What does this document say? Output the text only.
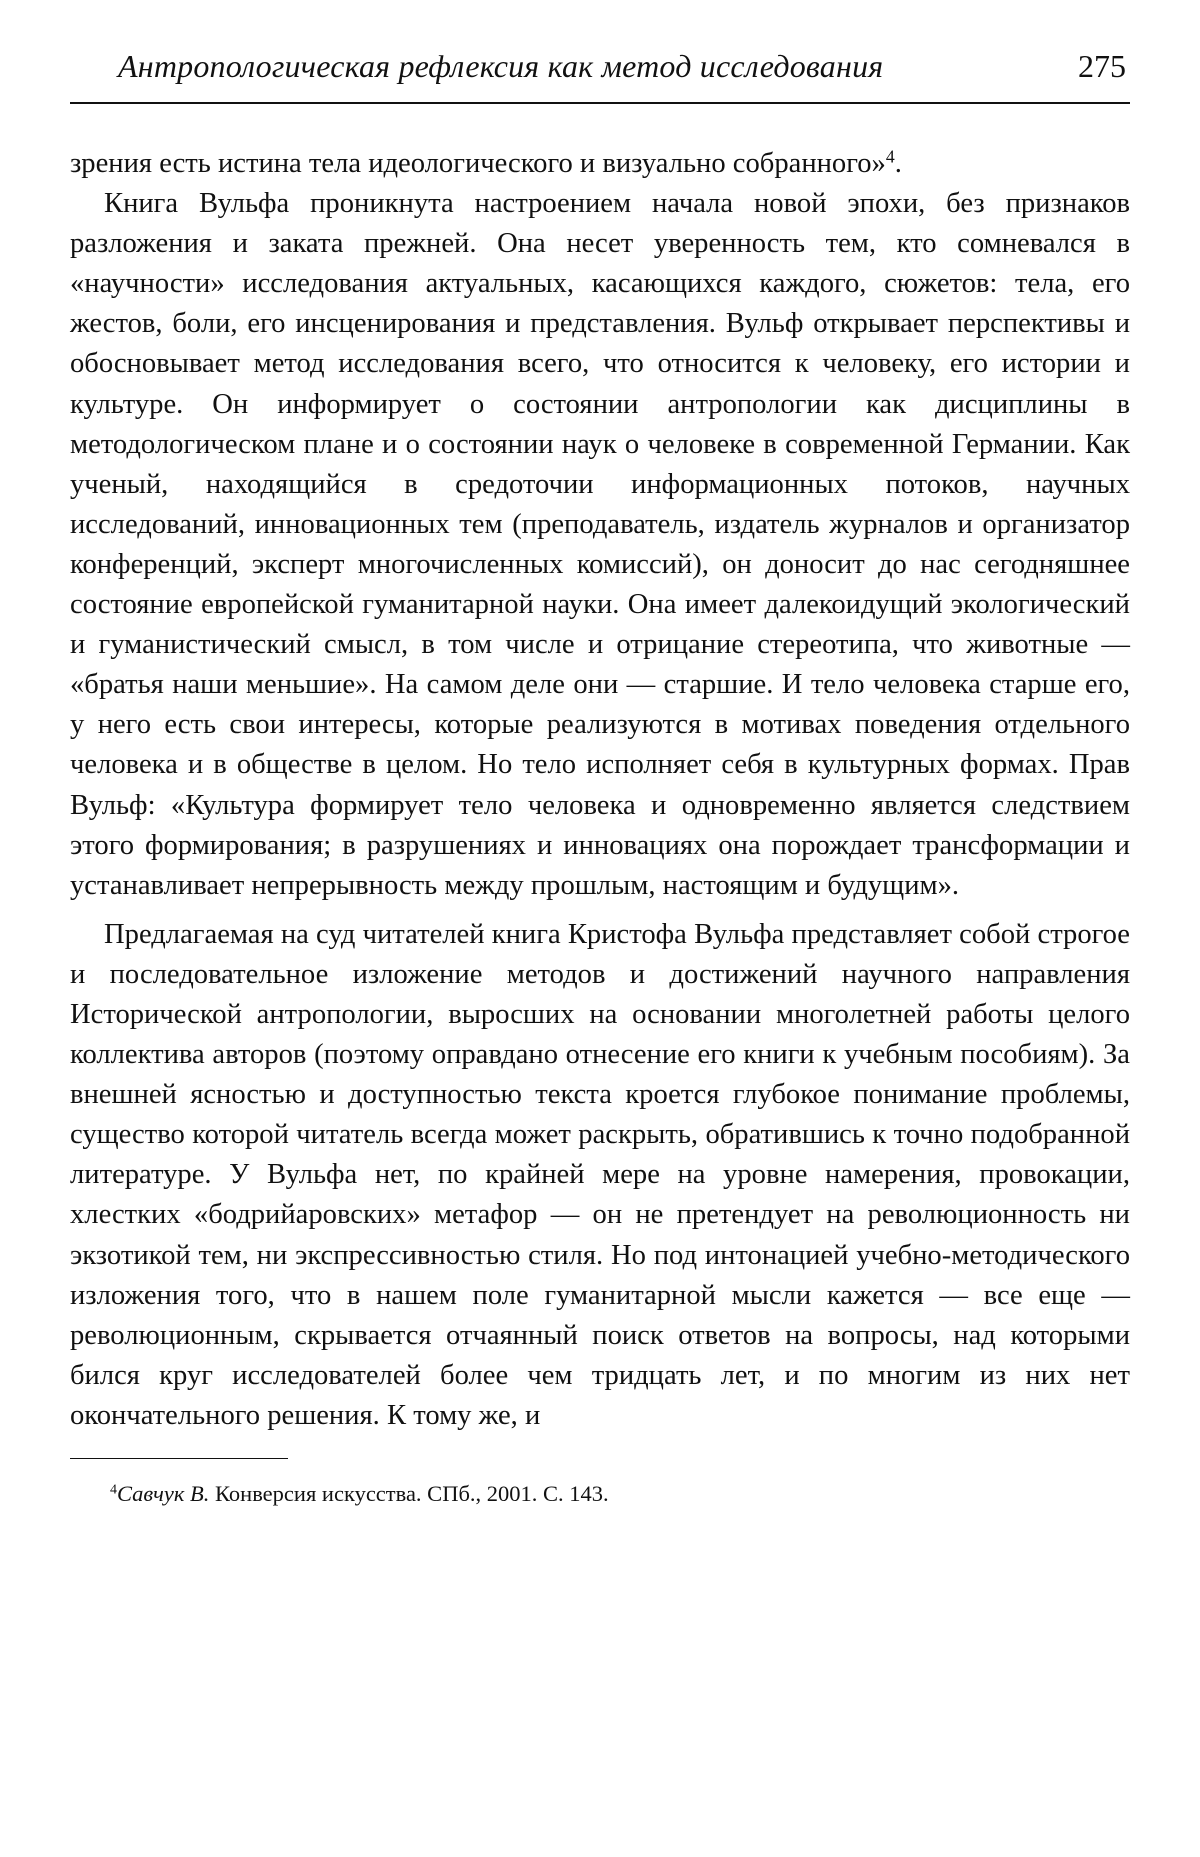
Антропологическая рефлексия как метод исследования	275

зрения есть истина тела идеологического и визуально собранного»$^4$.

Книга Вульфа проникнута настроением начала новой эпохи, без признаков разложения и заката прежней. Она несет уверенность тем, кто сомневался в «научности» исследования актуальных, касающихся каждого, сюжетов: тела, его жестов, боли, его инсценирования и представления. Вульф открывает перспективы и обосновывает метод исследования всего, что относится к человеку, его истории и культуре. Он информирует о состоянии антропологии как дисциплины в методологическом плане и о состоянии наук о человеке в современной Германии. Как ученый, находящийся в средоточии информационных потоков, научных исследований, инновационных тем (преподаватель, издатель журналов и организатор конференций, эксперт многочисленных комиссий), он доносит до нас сегодняшнее состояние европейской гуманитарной науки. Она имеет далекоидущий экологический и гуманистический смысл, в том числе и отрицание стереотипа, что животные — «братья наши меньшие». На самом деле они — старшие. И тело человека старше его, у него есть свои интересы, которые реализуются в мотивах поведения отдельного человека и в обществе в целом. Но тело исполняет себя в культурных формах. Прав Вульф: «Культура формирует тело человека и одновременно является следствием этого формирования; в разрушениях и инновациях она порождает трансформации и устанавливает непрерывность между прошлым, настоящим и будущим».

Предлагаемая на суд читателей книга Кристофа Вульфа представляет собой строгое и последовательное изложение методов и достижений научного направления Исторической антропологии, выросших на основании многолетней работы целого коллектива авторов (поэтому оправдано отнесение его книги к учебным пособиям). За внешней ясностью и доступностью текста кроется глубокое понимание проблемы, существо которой читатель всегда может раскрыть, обратившись к точно подобранной литературе. У Вульфа нет, по крайней мере на уровне намерения, провокации, хлестких «бодрийаровских» метафор — он не претендует на революционность ни экзотикой тем, ни экспрессивностью стиля. Но под интонацией учебно-методического изложения того, что в нашем поле гуманитарной мысли кажется — все еще — революционным, скрывается отчаянный поиск ответов на вопросы, над которыми бился круг исследователей более чем тридцать лет, и по многим из них нет окончательного решения. К тому же, и

$^4$Савчук В. Конверсия искусства. СПб., 2001. С. 143.
